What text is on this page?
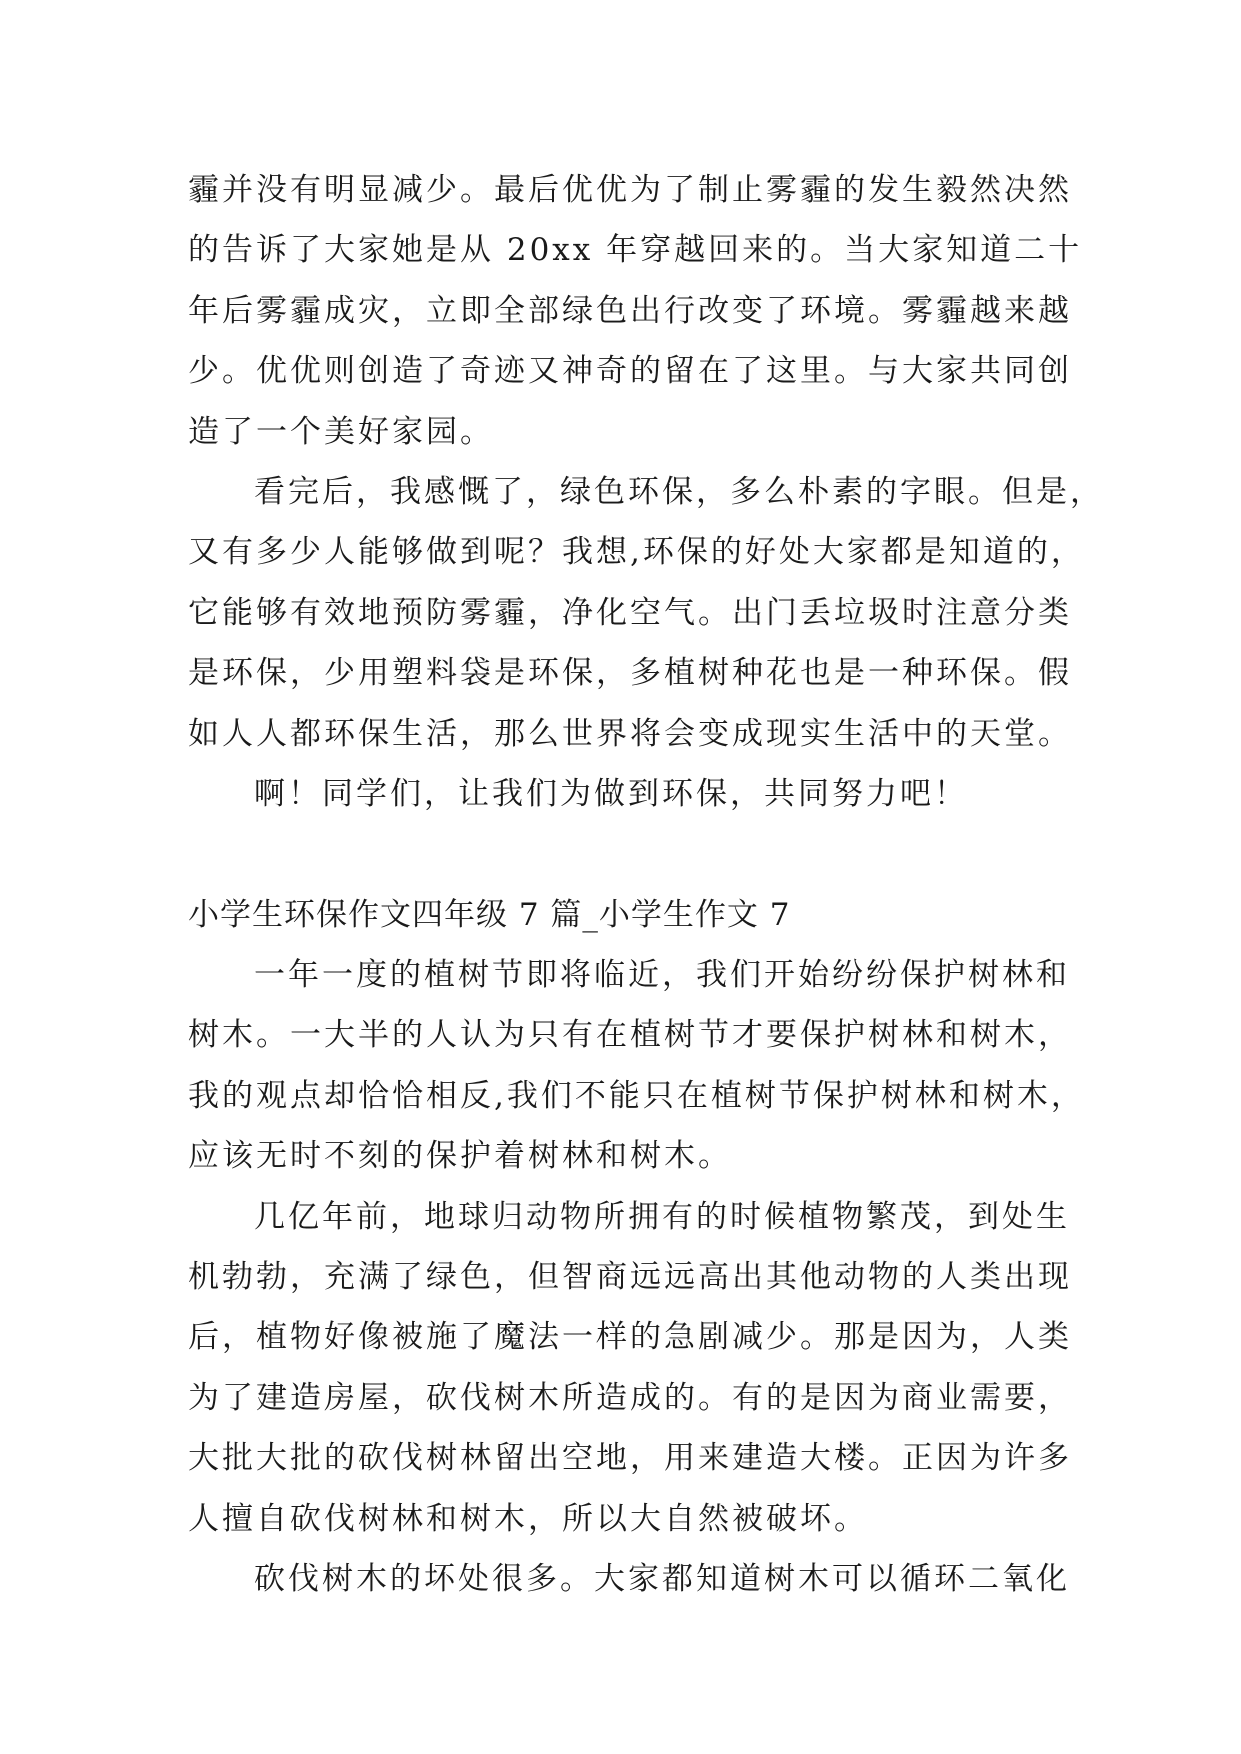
霾并没有明显减少。最后优优为了制止雾霾的发生毅然决然
的告诉了大家她是从 20xx 年穿越回来的。当大家知道二十
年后雾霾成灾，立即全部绿色出行改变了环境。雾霾越来越
少。优优则创造了奇迹又神奇的留在了这里。与大家共同创
造了一个美好家园。
看完后，我感慨了，绿色环保，多么朴素的字眼。但是，
又有多少人能够做到呢？我想,环保的好处大家都是知道的，
它能够有效地预防雾霾，净化空气。出门丢垃圾时注意分类
是环保，少用塑料袋是环保，多植树种花也是一种环保。假
如人人都环保生活，那么世界将会变成现实生活中的天堂。
啊！同学们，让我们为做到环保，共同努力吧！
小学生环保作文四年级 7 篇_小学生作文 7
一年一度的植树节即将临近，我们开始纷纷保护树林和
树木。一大半的人认为只有在植树节才要保护树林和树木，
我的观点却恰恰相反,我们不能只在植树节保护树林和树木，
应该无时不刻的保护着树林和树木。
几亿年前，地球归动物所拥有的时候植物繁茂，到处生
机勃勃，充满了绿色，但智商远远高出其他动物的人类出现
后，植物好像被施了魔法一样的急剧减少。那是因为，人类
为了建造房屋，砍伐树木所造成的。有的是因为商业需要，
大批大批的砍伐树林留出空地，用来建造大楼。正因为许多
人擅自砍伐树林和树木，所以大自然被破坏。
砍伐树木的坏处很多。大家都知道树木可以循环二氧化
